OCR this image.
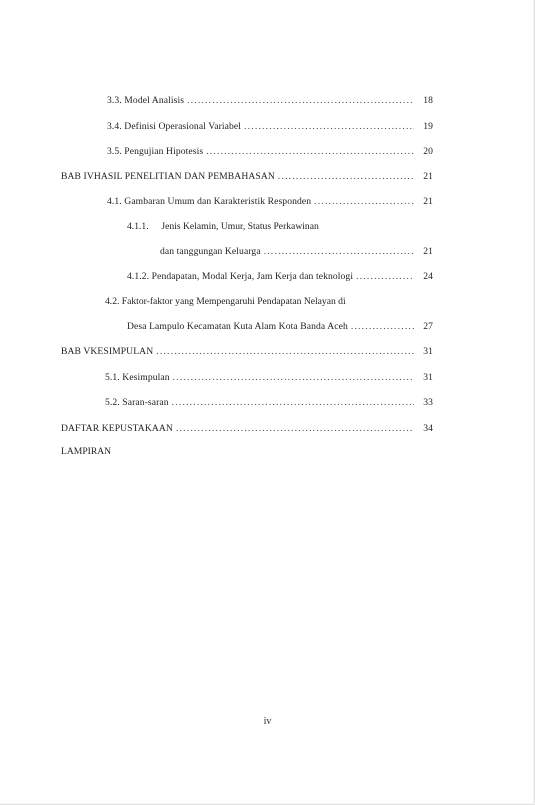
3.3. Model Analisis .....	18
3.4. Definisi Operasional Variabel .....	19
3.5. Pengujian Hipotesis .....	20
BAB IV HASIL PENELITIAN DAN PEMBAHASAN .....	21
4.1. Gambaran Umum dan Karakteristik Responden .....	21
4.1.1. Jenis Kelamin, Umur, Status Perkawinan
dan tanggungan Keluarga .....	21
4.1.2. Pendapatan, Modal Kerja, Jam Kerja dan teknologi .....	24
4.2. Faktor-faktor yang Mempengaruhi Pendapatan Nelayan di
Desa Lampulo Kecamatan Kuta Alam Kota Banda Aceh .....	27
BAB V KESIMPULAN .....	31
5.1. Kesimpulan .....	31
5.2. Saran-saran .....	33
DAFTAR KEPUSTAKAAN .....	34
LAMPIRAN
iv
